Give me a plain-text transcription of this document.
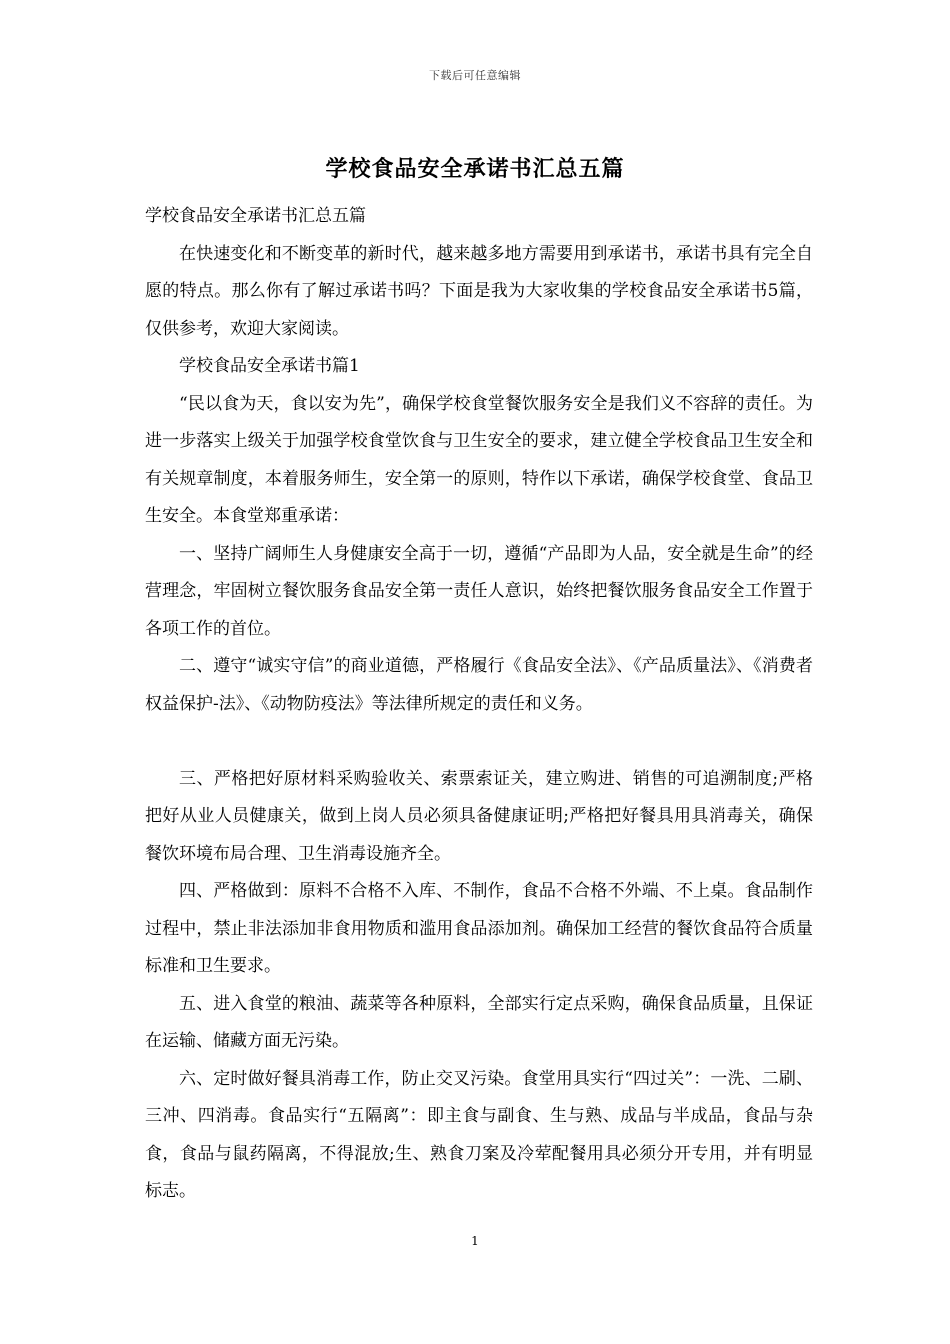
下载后可任意编辑
学校食品安全承诺书汇总五篇

学校食品安全承诺书汇总五篇

在快速变化和不断变革的新时代，越来越多地方需要用到承诺书，承诺书具有完全自愿的特点。那么你有了解过承诺书吗？下面是我为大家收集的学校食品安全承诺书5篇，仅供参考，欢迎大家阅读。

学校食品安全承诺书篇1

“民以食为天，食以安为先”，确保学校食堂餐饮服务安全是我们义不容辞的责任。为进一步落实上级关于加强学校食堂饮食与卫生安全的要求，建立健全学校食品卫生安全和有关规章制度，本着服务师生，安全第一的原则，特作以下承诺，确保学校食堂、食品卫生安全。本食堂郑重承诺：

一、坚持广阔师生人身健康安全高于一切，遵循“产品即为人品，安全就是生命”的经营理念，牢固树立餐饮服务食品安全第一责任人意识，始终把餐饮服务食品安全工作置于各项工作的首位。

二、遵守“诚实守信”的商业道德，严格履行《食品安全法》、《产品质量法》、《消费者权益保护-法》、《动物防疫法》等法律所规定的责任和义务。

三、严格把好原材料采购验收关、索票索证关，建立购进、销售的可追溯制度;严格把好从业人员健康关，做到上岗人员必须具备健康证明;严格把好餐具用具消毒关，确保餐饮环境布局合理、卫生消毒设施齐全。

四、严格做到：原料不合格不入库、不制作，食品不合格不外端、不上桌。食品制作过程中，禁止非法添加非食用物质和滥用食品添加剂。确保加工经营的餐饮食品符合质量标准和卫生要求。

五、进入食堂的粮油、蔬菜等各种原料，全部实行定点采购，确保食品质量，且保证在运输、储藏方面无污染。

六、定时做好餐具消毒工作，防止交叉污染。食堂用具实行“四过关”：一洗、二刷、三冲、四消毒。食品实行“五隔离”：即主食与副食、生与熟、成品与半成品，食品与杂食，食品与鼠药隔离，不得混放;生、熟食刀案及冷荤配餐用具必须分开专用，并有明显标志。

1
